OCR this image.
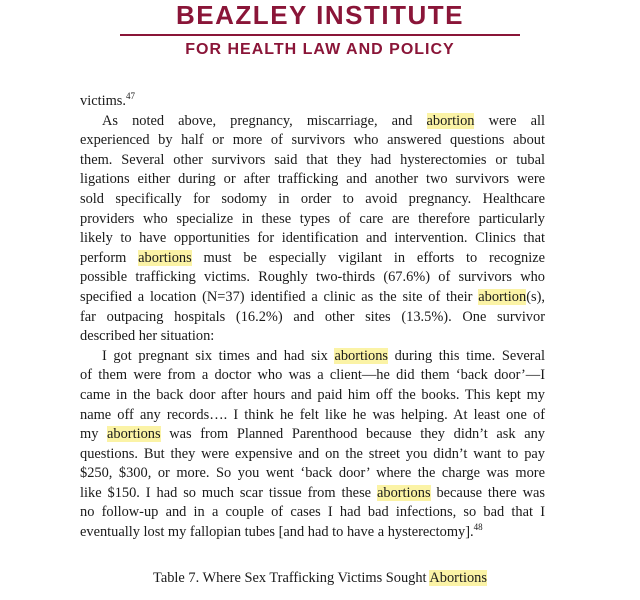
BEAZLEY INSTITUTE
FOR HEALTH LAW AND POLICY
victims.$^{47}$
As noted above, pregnancy, miscarriage, and abortion were all
experienced by half or more of survivors who answered questions about
them. Several other survivors said that they had hysterectomies or tubal
ligations either during or after trafficking and another two survivors were
sold specifically for sodomy in order to avoid pregnancy. Healthcare
providers who specialize in these types of care are therefore particularly
likely to have opportunities for identification and intervention. Clinics that
perform abortions must be especially vigilant in efforts to recognize
possible trafficking victims. Roughly two-thirds (67.6%) of survivors who
specified a location (N=37) identified a clinic as the site of their abortion(s),
far outpacing hospitals (16.2%) and other sites (13.5%). One survivor
described her situation:
I got pregnant six times and had six abortions during this time. Several
of them were from a doctor who was a client—he did them ‘back door’—I
came in the back door after hours and paid him off the books. This kept my
name off any records…. I think he felt like he was helping. At least one of
my abortions was from Planned Parenthood because they didn’t ask any
questions. But they were expensive and on the street you didn’t want to pay
$250, $300, or more. So you went ‘back door’ where the charge was more
like $150. I had so much scar tissue from these abortions because there was
no follow-up and in a couple of cases I had bad infections, so bad that I
eventually lost my fallopian tubes [and had to have a hysterectomy].$^{48}$
Table 7. Where Sex Trafficking Victims Sought Abortions
